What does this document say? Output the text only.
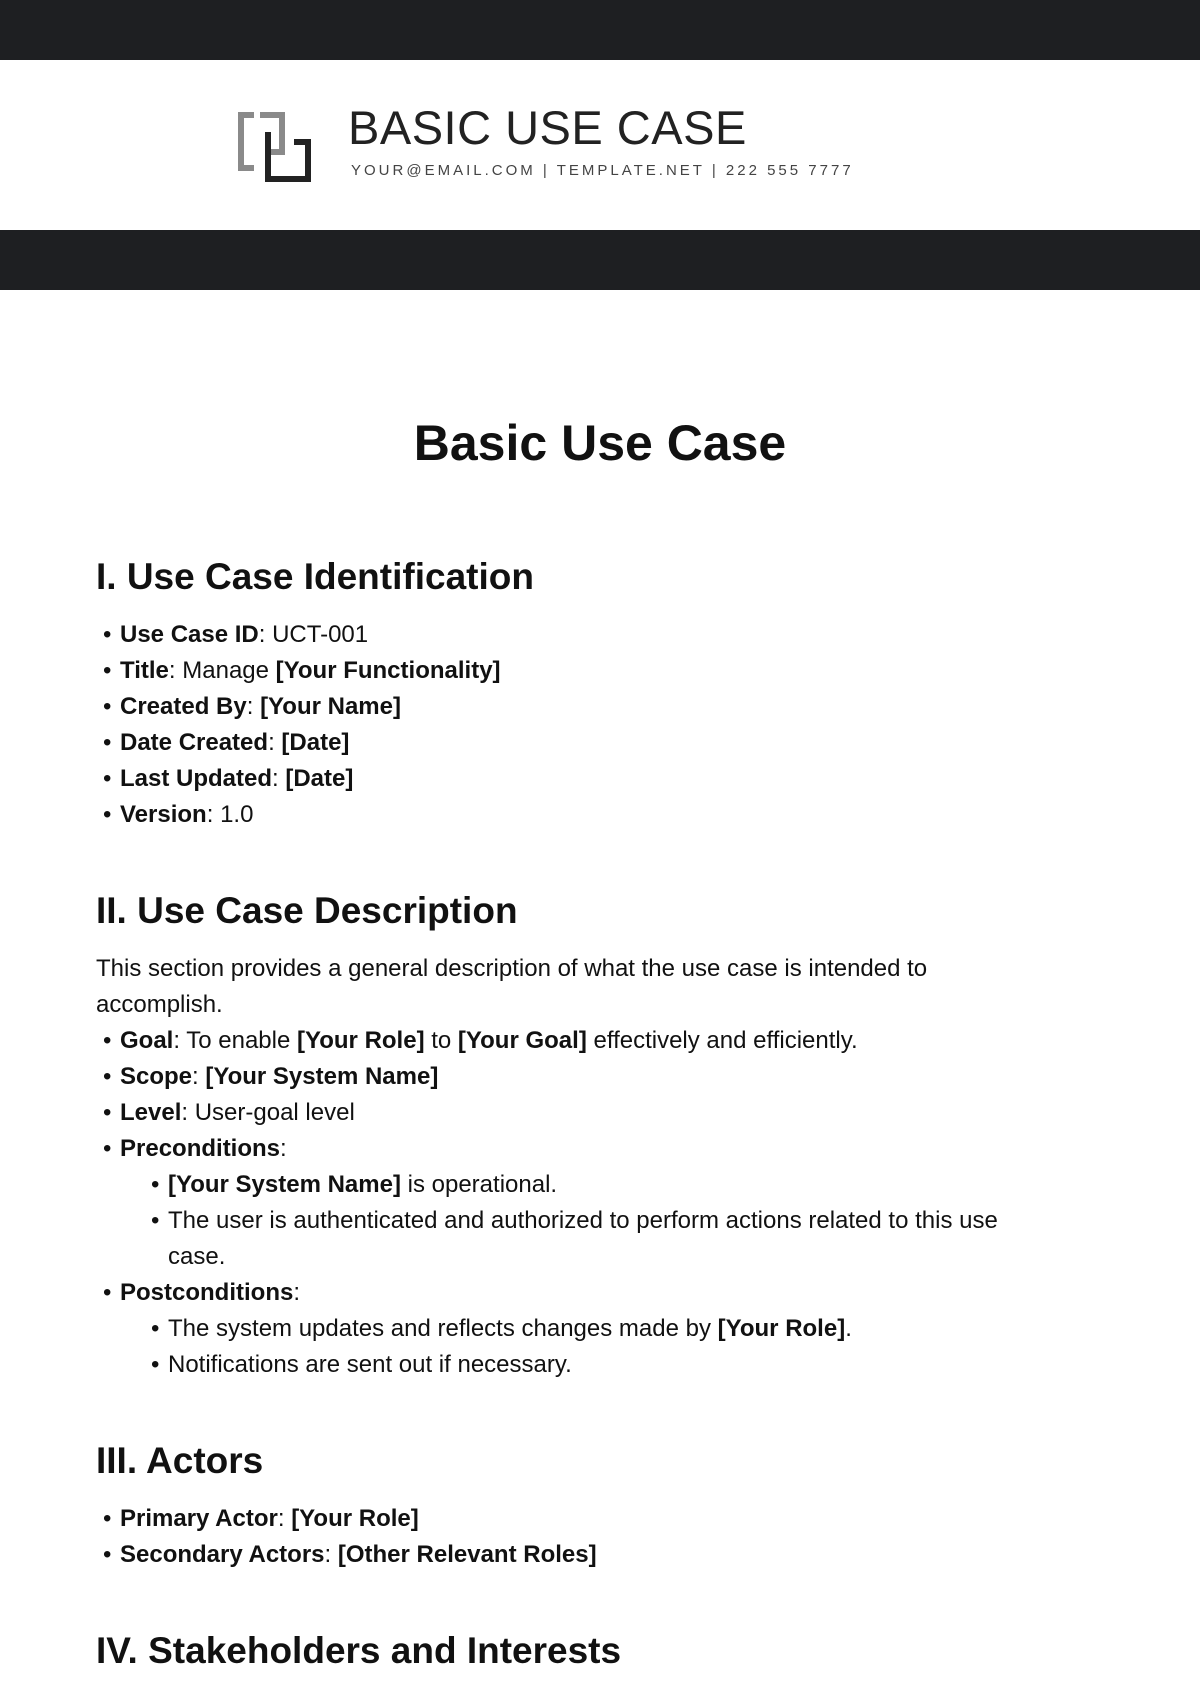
BASIC USE CASE
YOUR@EMAIL.COM | TEMPLATE.NET | 222 555 7777
Basic Use Case
I. Use Case Identification
• Use Case ID: UCT-001
• Title: Manage [Your Functionality]
• Created By: [Your Name]
• Date Created: [Date]
• Last Updated: [Date]
• Version: 1.0
II. Use Case Description

This section provides a general description of what the use case is intended to accomplish.

• Goal: To enable [Your Role] to [Your Goal] effectively and efficiently.
• Scope: [Your System Name]
• Level: User-goal level
• Preconditions:
• [Your System Name] is operational.
• The user is authenticated and authorized to perform actions related to this use case.
• Postconditions:
• The system updates and reflects changes made by [Your Role].
• Notifications are sent out if necessary.
III. Actors
• Primary Actor: [Your Role]
• Secondary Actors: [Other Relevant Roles]
IV. Stakeholders and Interests
